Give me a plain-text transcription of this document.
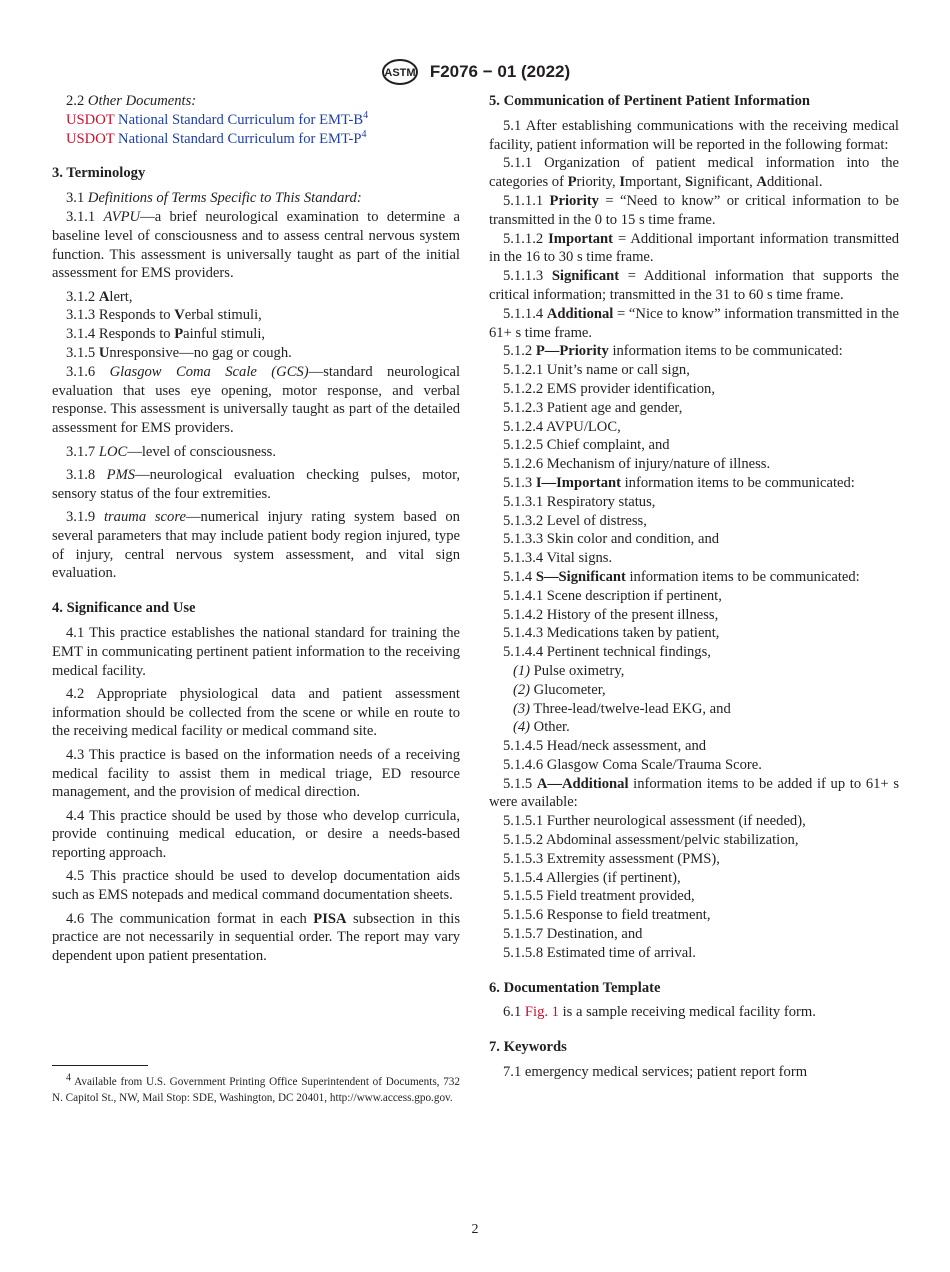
ASTM F2076 − 01 (2022)

2.2 Other Documents:

USDOT National Standard Curriculum for EMT-$B^4$

USDOT National Standard Curriculum for EMT-$P^4$

3. Terminology

3.1 Definitions of Terms Specific to This Standard:

3.1.1 AVPU—a brief neurological examination to determine a baseline level of consciousness and to assess central nervous system function. This assessment is universally taught as part of the initial assessment for EMS providers.

3.1.2 Alert,

3.1.3 Responds to Verbal stimuli,

3.1.4 Responds to Painful stimuli,

3.1.5 Unresponsive—no gag or cough.

3.1.6 Glasgow Coma Scale (GCS)—standard neurological evaluation that uses eye opening, motor response, and verbal response. This assessment is universally taught as part of the detailed assessment for EMS providers.

3.1.7 LOC—level of consciousness.

3.1.8 PMS—neurological evaluation checking pulses, motor, sensory status of the four extremities.

3.1.9 trauma score—numerical injury rating system based on several parameters that may include patient body region injured, type of injury, central nervous system assessment, and vital sign evaluation.

4. Significance and Use

4.1 This practice establishes the national standard for training the EMT in communicating pertinent patient information to the receiving medical facility.

4.2 Appropriate physiological data and patient assessment information should be collected from the scene or while en route to the receiving medical facility or medical command site.

4.3 This practice is based on the information needs of a receiving medical facility to assist them in medical triage, ED resource management, and the provision of medical direction.

4.4 This practice should be used by those who develop curricula, provide continuing medical education, or desire a needs-based reporting approach.

4.5 This practice should be used to develop documentation aids such as EMS notepads and medical command documentation sheets.

4.6 The communication format in each PISA subsection in this practice are not necessarily in sequential order. The report may vary dependent upon patient presentation.

5. Communication of Pertinent Patient Information

5.1 After establishing communications with the receiving medical facility, patient information will be reported in the following format:

5.1.1 Organization of patient medical information into the categories of Priority, Important, Significant, Additional.

5.1.1.1 Priority = “Need to know” or critical information to be transmitted in the 0 to 15 s time frame.

5.1.1.2 Important = Additional important information transmitted in the 16 to 30 s time frame.

5.1.1.3 Significant = Additional information that supports the critical information; transmitted in the 31 to 60 s time frame.

5.1.1.4 Additional = “Nice to know” information transmitted in the 61+ s time frame.

5.1.2 P—Priority information items to be communicated:

5.1.2.1 Unit’s name or call sign,

5.1.2.2 EMS provider identification,

5.1.2.3 Patient age and gender,

5.1.2.4 AVPU/LOC,

5.1.2.5 Chief complaint, and

5.1.2.6 Mechanism of injury/nature of illness.

5.1.3 I—Important information items to be communicated:

5.1.3.1 Respiratory status,

5.1.3.2 Level of distress,

5.1.3.3 Skin color and condition, and

5.1.3.4 Vital signs.

5.1.4 S—Significant information items to be communicated:

5.1.4.1 Scene description if pertinent,

5.1.4.2 History of the present illness,

5.1.4.3 Medications taken by patient,

5.1.4.4 Pertinent technical findings,

(1) Pulse oximetry,

(2) Glucometer,

(3) Three-lead/twelve-lead EKG, and

(4) Other.

5.1.4.5 Head/neck assessment, and

5.1.4.6 Glasgow Coma Scale/Trauma Score.

5.1.5 A—Additional information items to be added if up to 61+ s were available:

5.1.5.1 Further neurological assessment (if needed),

5.1.5.2 Abdominal assessment/pelvic stabilization,

5.1.5.3 Extremity assessment (PMS),

5.1.5.4 Allergies (if pertinent),

5.1.5.5 Field treatment provided,

5.1.5.6 Response to field treatment,

5.1.5.7 Destination, and

5.1.5.8 Estimated time of arrival.

6. Documentation Template

6.1 Fig. 1 is a sample receiving medical facility form.

7. Keywords

7.1 emergency medical services; patient report form

4 Available from U.S. Government Printing Office Superintendent of Documents, 732 N. Capitol St., NW, Mail Stop: SDE, Washington, DC 20401, http://www.access.gpo.gov.

2
